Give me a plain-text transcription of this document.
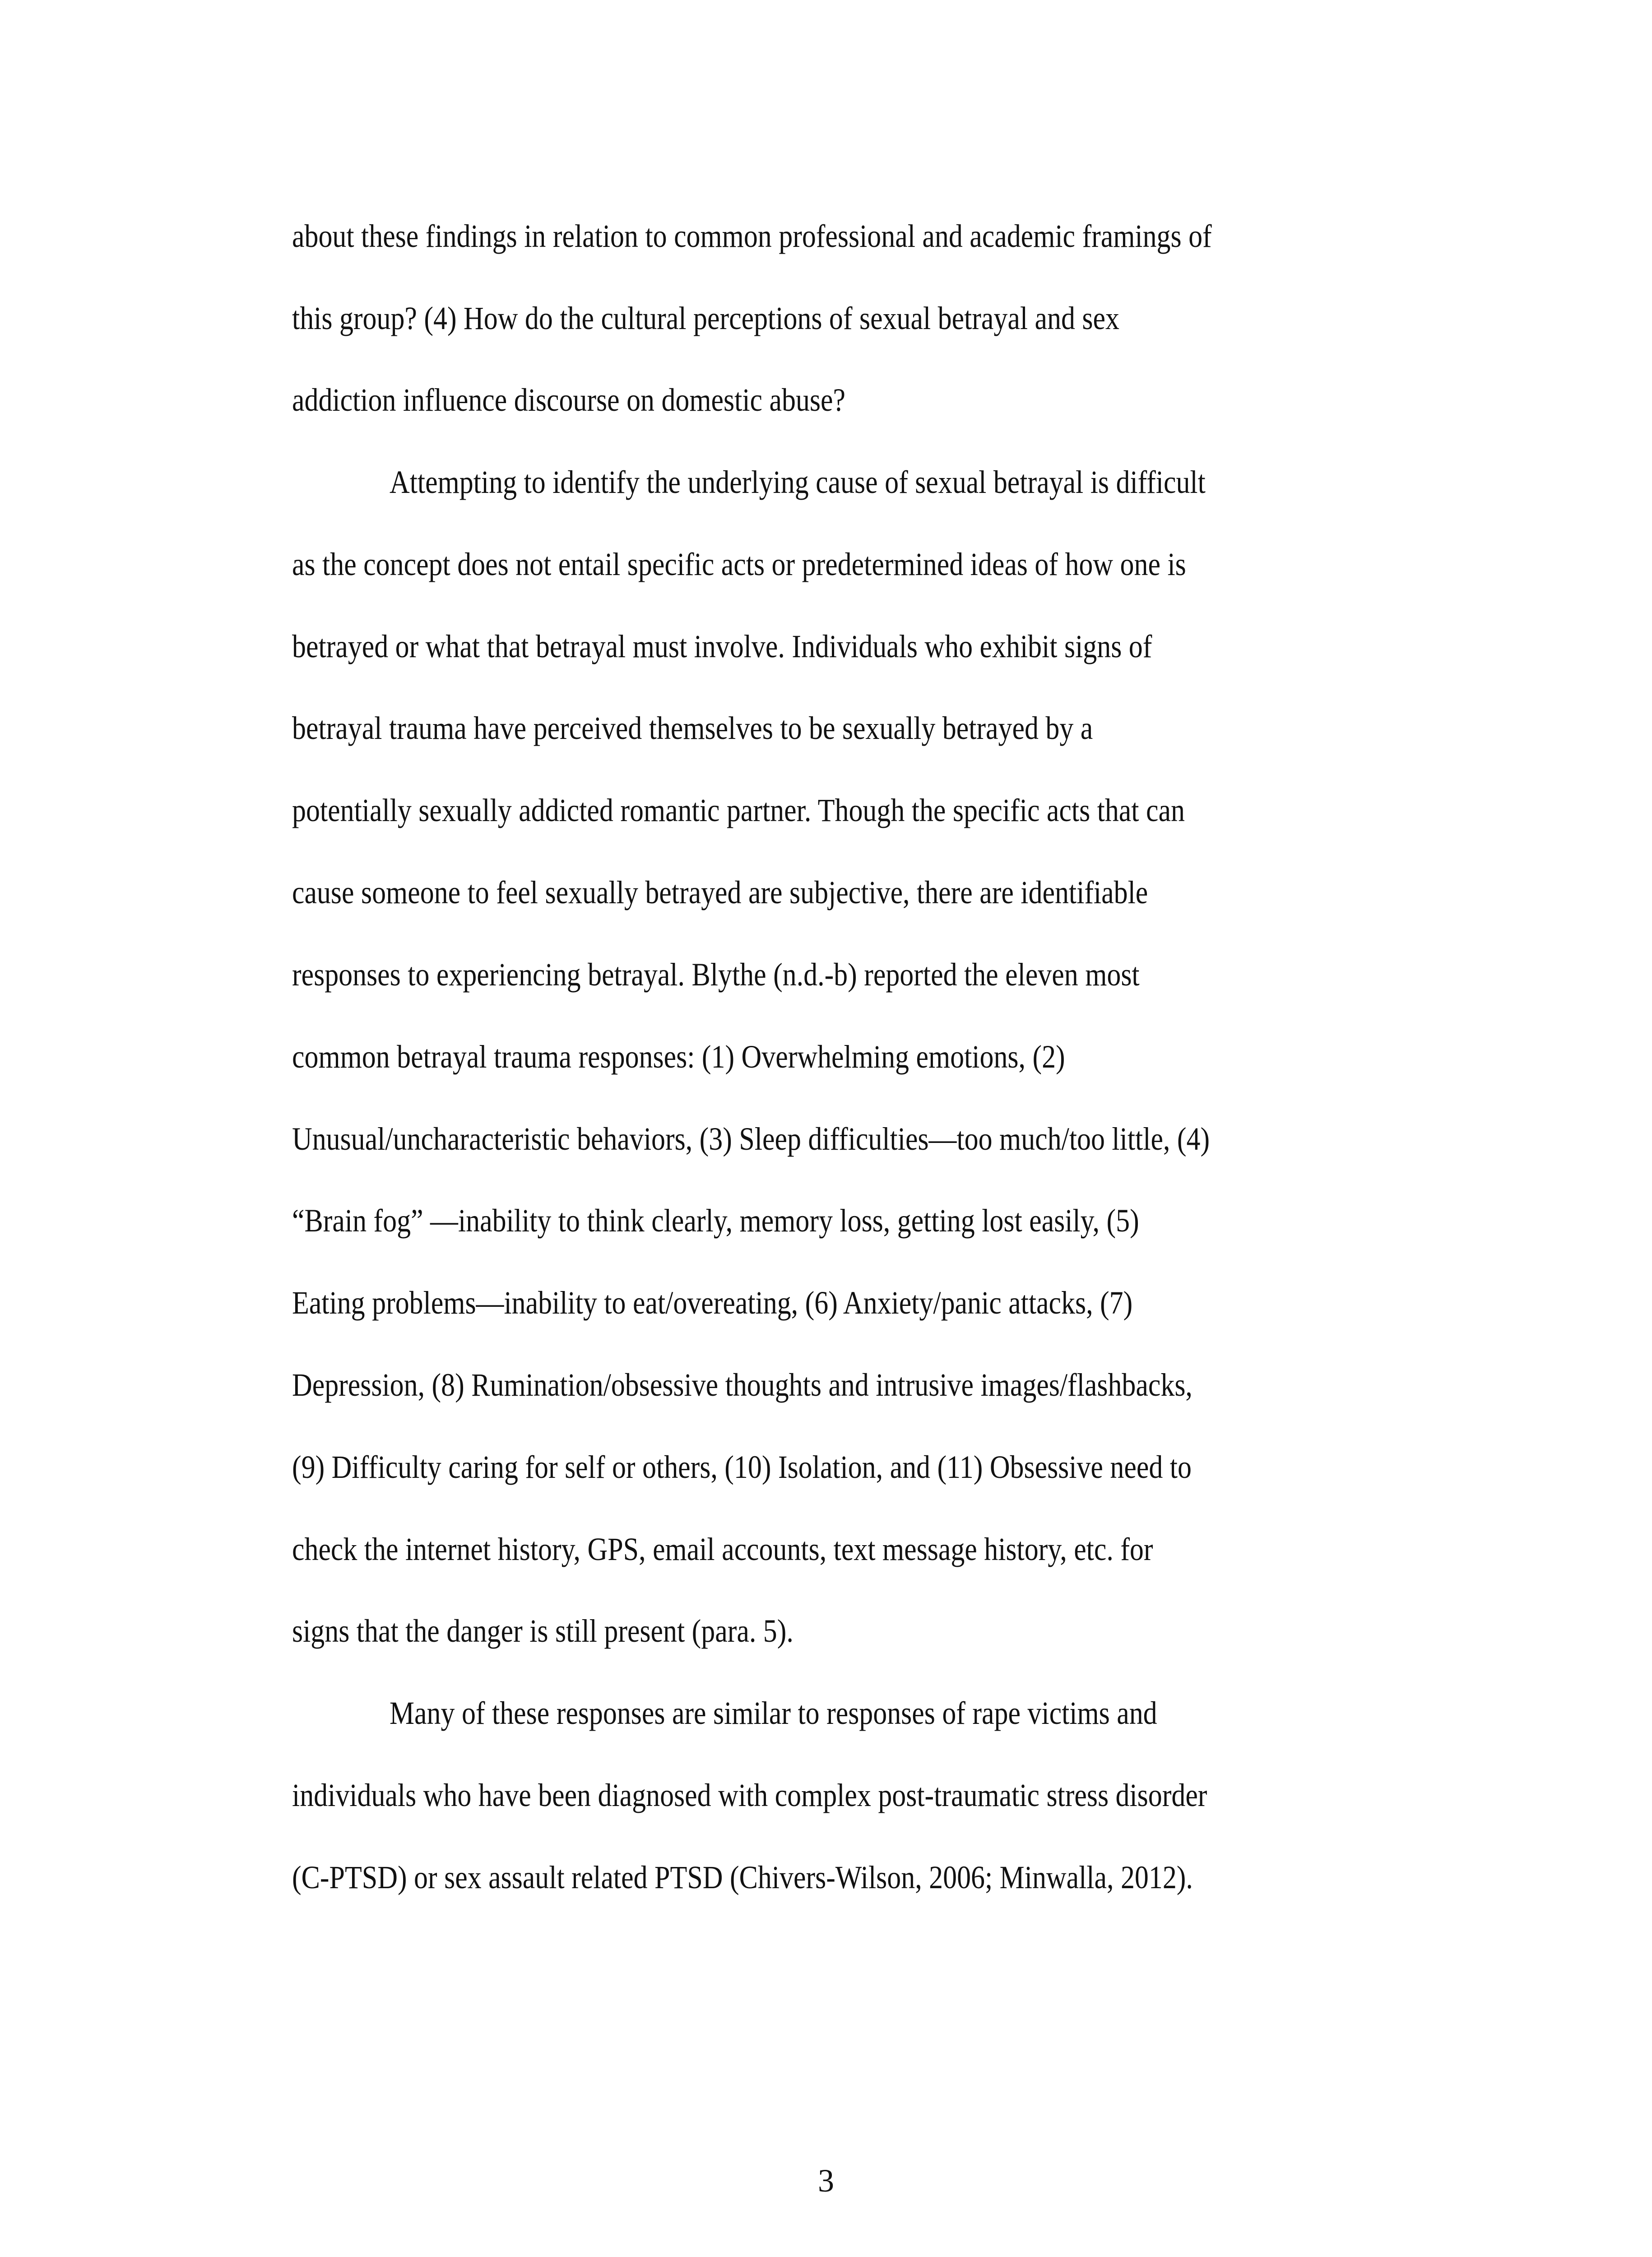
about these findings in relation to common professional and academic framings of
this group? (4) How do the cultural perceptions of sexual betrayal and sex
addiction influence discourse on domestic abuse?
Attempting to identify the underlying cause of sexual betrayal is difficult
as the concept does not entail specific acts or predetermined ideas of how one is
betrayed or what that betrayal must involve. Individuals who exhibit signs of
betrayal trauma have perceived themselves to be sexually betrayed by a
potentially sexually addicted romantic partner. Though the specific acts that can
cause someone to feel sexually betrayed are subjective, there are identifiable
responses to experiencing betrayal. Blythe (n.d.-b) reported the eleven most
common betrayal trauma responses: (1) Overwhelming emotions, (2)
Unusual/uncharacteristic behaviors, (3) Sleep difficulties—too much/too little, (4)
“Brain fog” —inability to think clearly, memory loss, getting lost easily, (5)
Eating problems—inability to eat/overeating, (6) Anxiety/panic attacks, (7)
Depression, (8) Rumination/obsessive thoughts and intrusive images/flashbacks,
(9) Difficulty caring for self or others, (10) Isolation, and (11) Obsessive need to
check the internet history, GPS, email accounts, text message history, etc. for
signs that the danger is still present (para. 5).
Many of these responses are similar to responses of rape victims and
individuals who have been diagnosed with complex post-traumatic stress disorder
(C-PTSD) or sex assault related PTSD (Chivers-Wilson, 2006; Minwalla, 2012).
3
